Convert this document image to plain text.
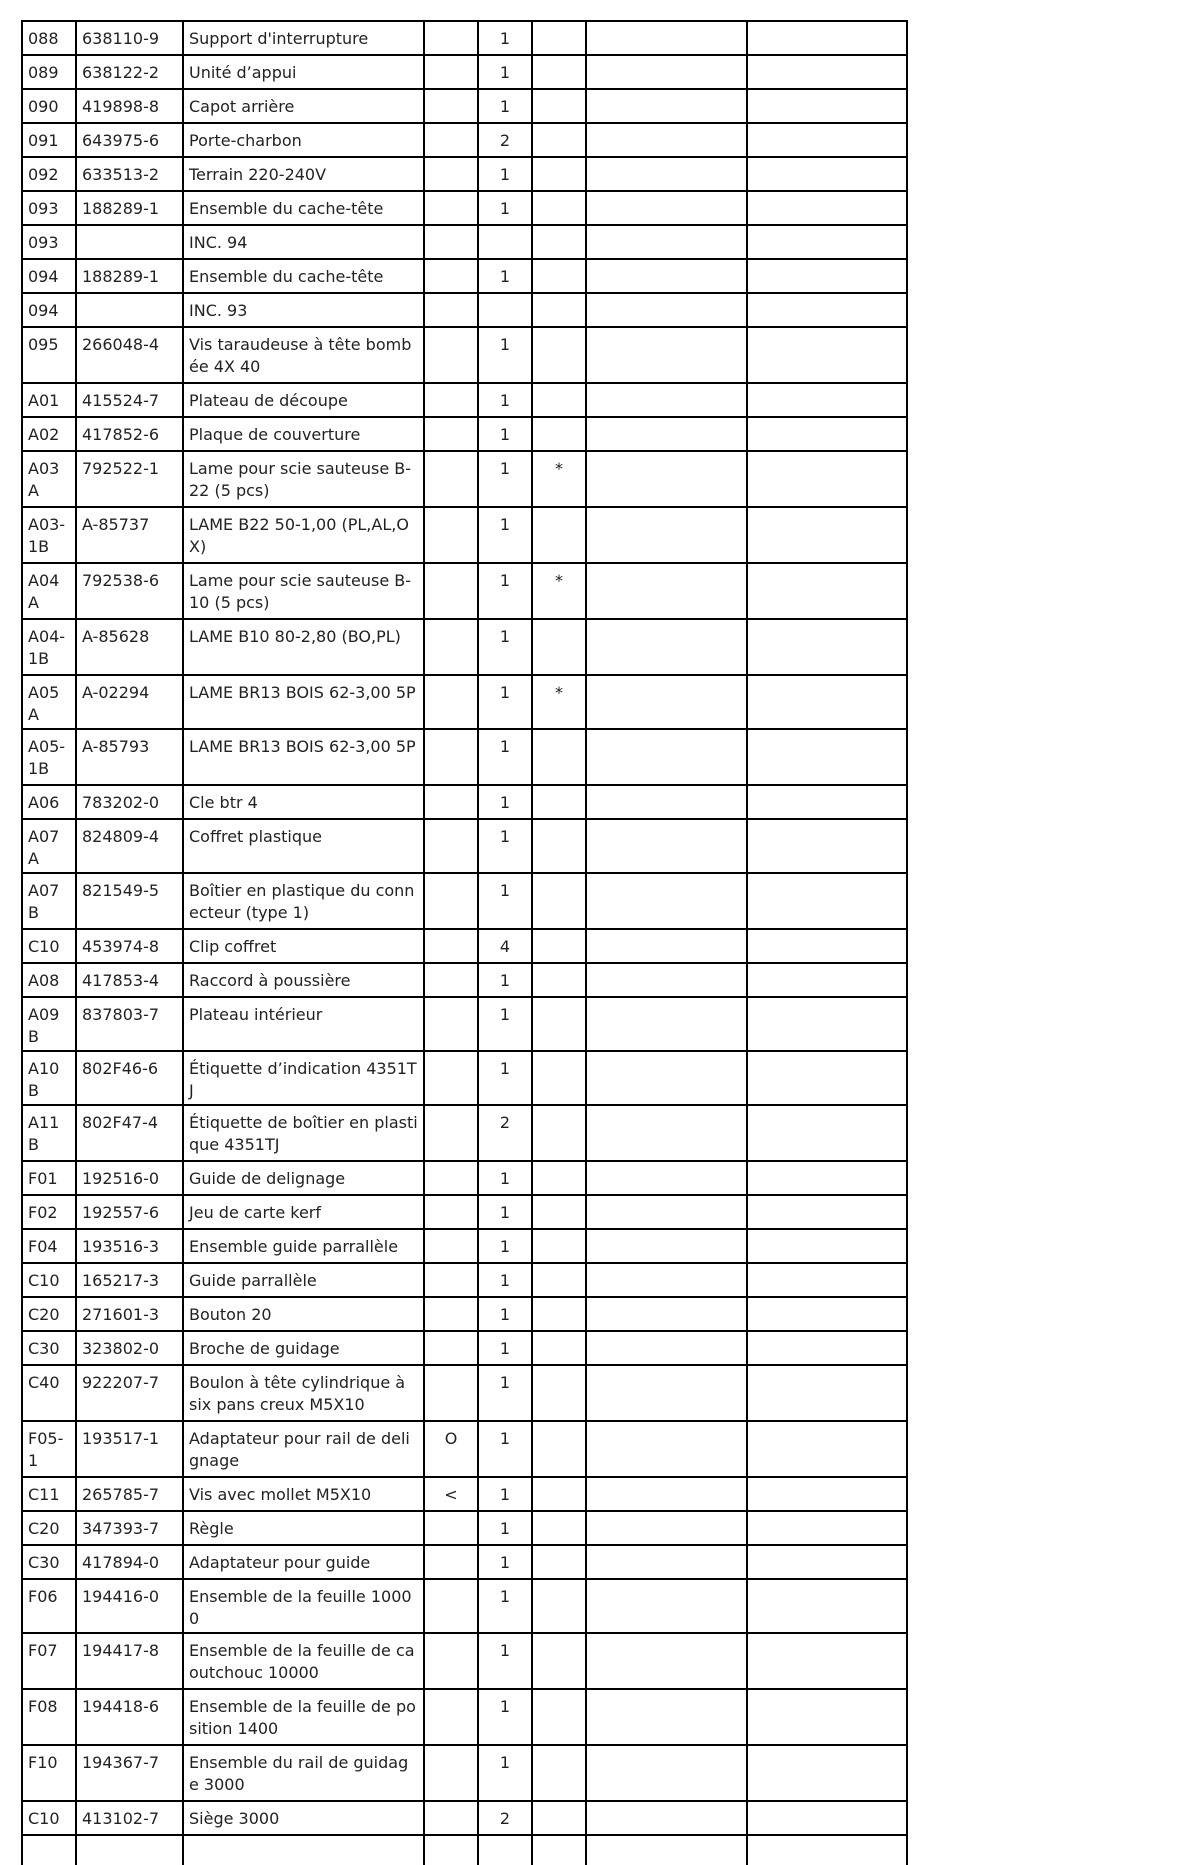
088	638110-9	Support d'interrupture		1			
089	638122-2	Unité d’appui		1			
090	419898-8	Capot arrière		1			
091	643975-6	Porte-charbon		2			
092	633513-2	Terrain 220-240V		1			
093	188289-1	Ensemble du cache-tête		1			
093		INC. 94					
094	188289-1	Ensemble du cache-tête		1			
094		INC. 93					
095	266048-4	Vis taraudeuse à tête bombée 4X 40		1			
A01	415524-7	Plateau de découpe		1			
A02	417852-6	Plaque de couverture		1			
A03A	792522-1	Lame pour scie sauteuse B-22 (5 pcs)		1	*		
A03-1B	A-85737	LAME B22 50-1,00 (PL,AL,OX)		1			
A04A	792538-6	Lame pour scie sauteuse B-10 (5 pcs)		1	*		
A04-1B	A-85628	LAME B10 80-2,80 (BO,PL)		1			
A05A	A-02294	LAME BR13 BOIS 62-3,00 5P		1	*		
A05-1B	A-85793	LAME BR13 BOIS 62-3,00 5P		1			
A06	783202-0	Cle btr 4		1			
A07A	824809-4	Coffret plastique		1			
A07B	821549-5	Boîtier en plastique du connecteur (type 1)		1			
C10	453974-8	Clip coffret		4			
A08	417853-4	Raccord à poussière		1			
A09B	837803-7	Plateau intérieur		1			
A10B	802F46-6	Étiquette d’indication 4351TJ		1			
A11B	802F47-4	Étiquette de boîtier en plastique 4351TJ		2			
F01	192516-0	Guide de delignage		1			
F02	192557-6	Jeu de carte kerf		1			
F04	193516-3	Ensemble guide parrallèle		1			
C10	165217-3	Guide parrallèle		1			
C20	271601-3	Bouton 20		1			
C30	323802-0	Broche de guidage		1			
C40	922207-7	Boulon à tête cylindrique à six pans creux M5X10		1			
F05-1	193517-1	Adaptateur pour rail de delignage	O	1			
C11	265785-7	Vis avec mollet M5X10	<	1			
C20	347393-7	Règle		1			
C30	417894-0	Adaptateur pour guide		1			
F06	194416-0	Ensemble de la feuille 10000		1			
F07	194417-8	Ensemble de la feuille de caoutchouc 10000		1			
F08	194418-6	Ensemble de la feuille de position 1400		1			
F10	194367-7	Ensemble du rail de guidage 3000		1			
C10	413102-7	Siège 3000		2			
